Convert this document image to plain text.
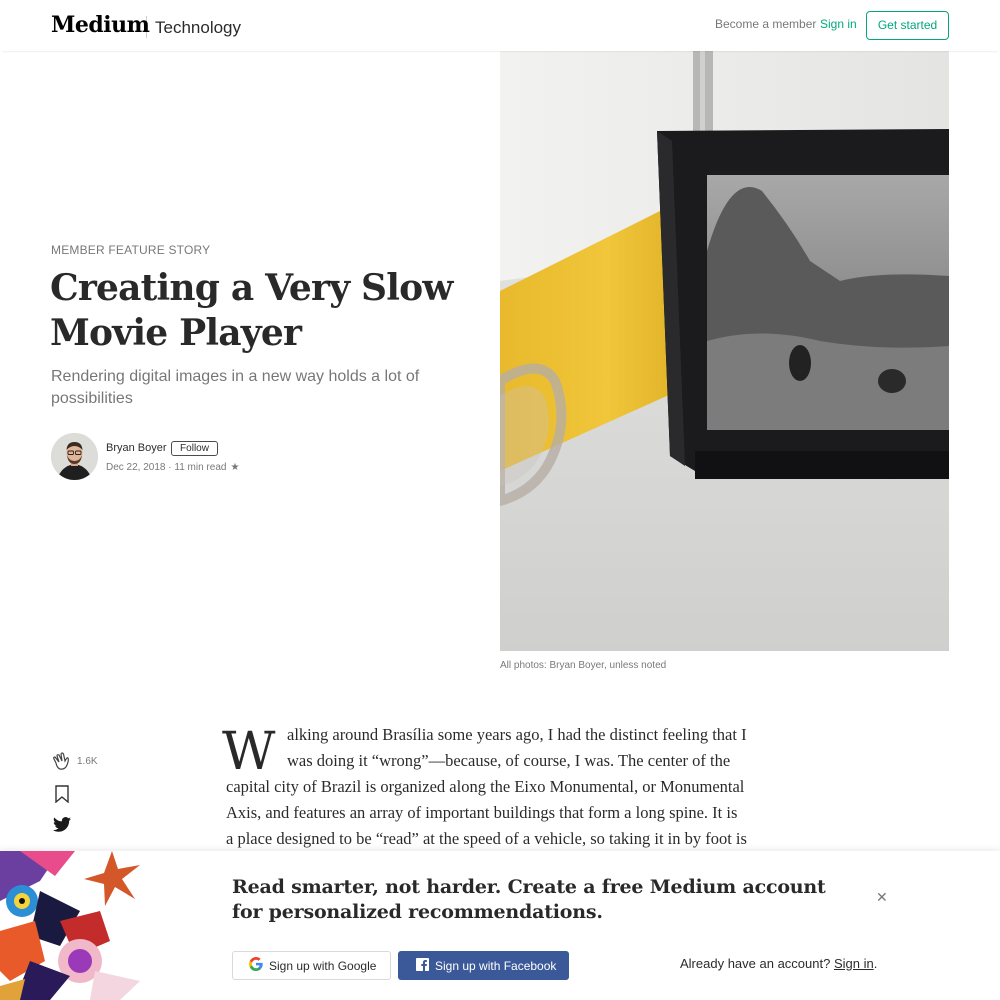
Medium Technology	Become a member Sign in	Get started
MEMBER FEATURE STORY
Creating a Very Slow Movie Player
Rendering digital images in a new way holds a lot of possibilities
Bryan Boyer	Follow
Dec 22, 2018 · 11 min read ★
All photos: Bryan Boyer, unless noted
1.6K W alking around Brasília some years ago, I had the distinct feeling that I
was doing it “wrong”—because, of course, I was. The center of the
capital city of Brazil is organized along the Eixo Monumental, or Monumental
Axis, and features an array of important buildings that form a long spine. It is
a place designed to be “read” at the speed of a vehicle, so taking it in by foot is
Read smarter, not harder. Create a free Medium account for personalized recommendations.
✕
Sign up with Google	Sign up with Facebook	Already have an account? Sign in.
